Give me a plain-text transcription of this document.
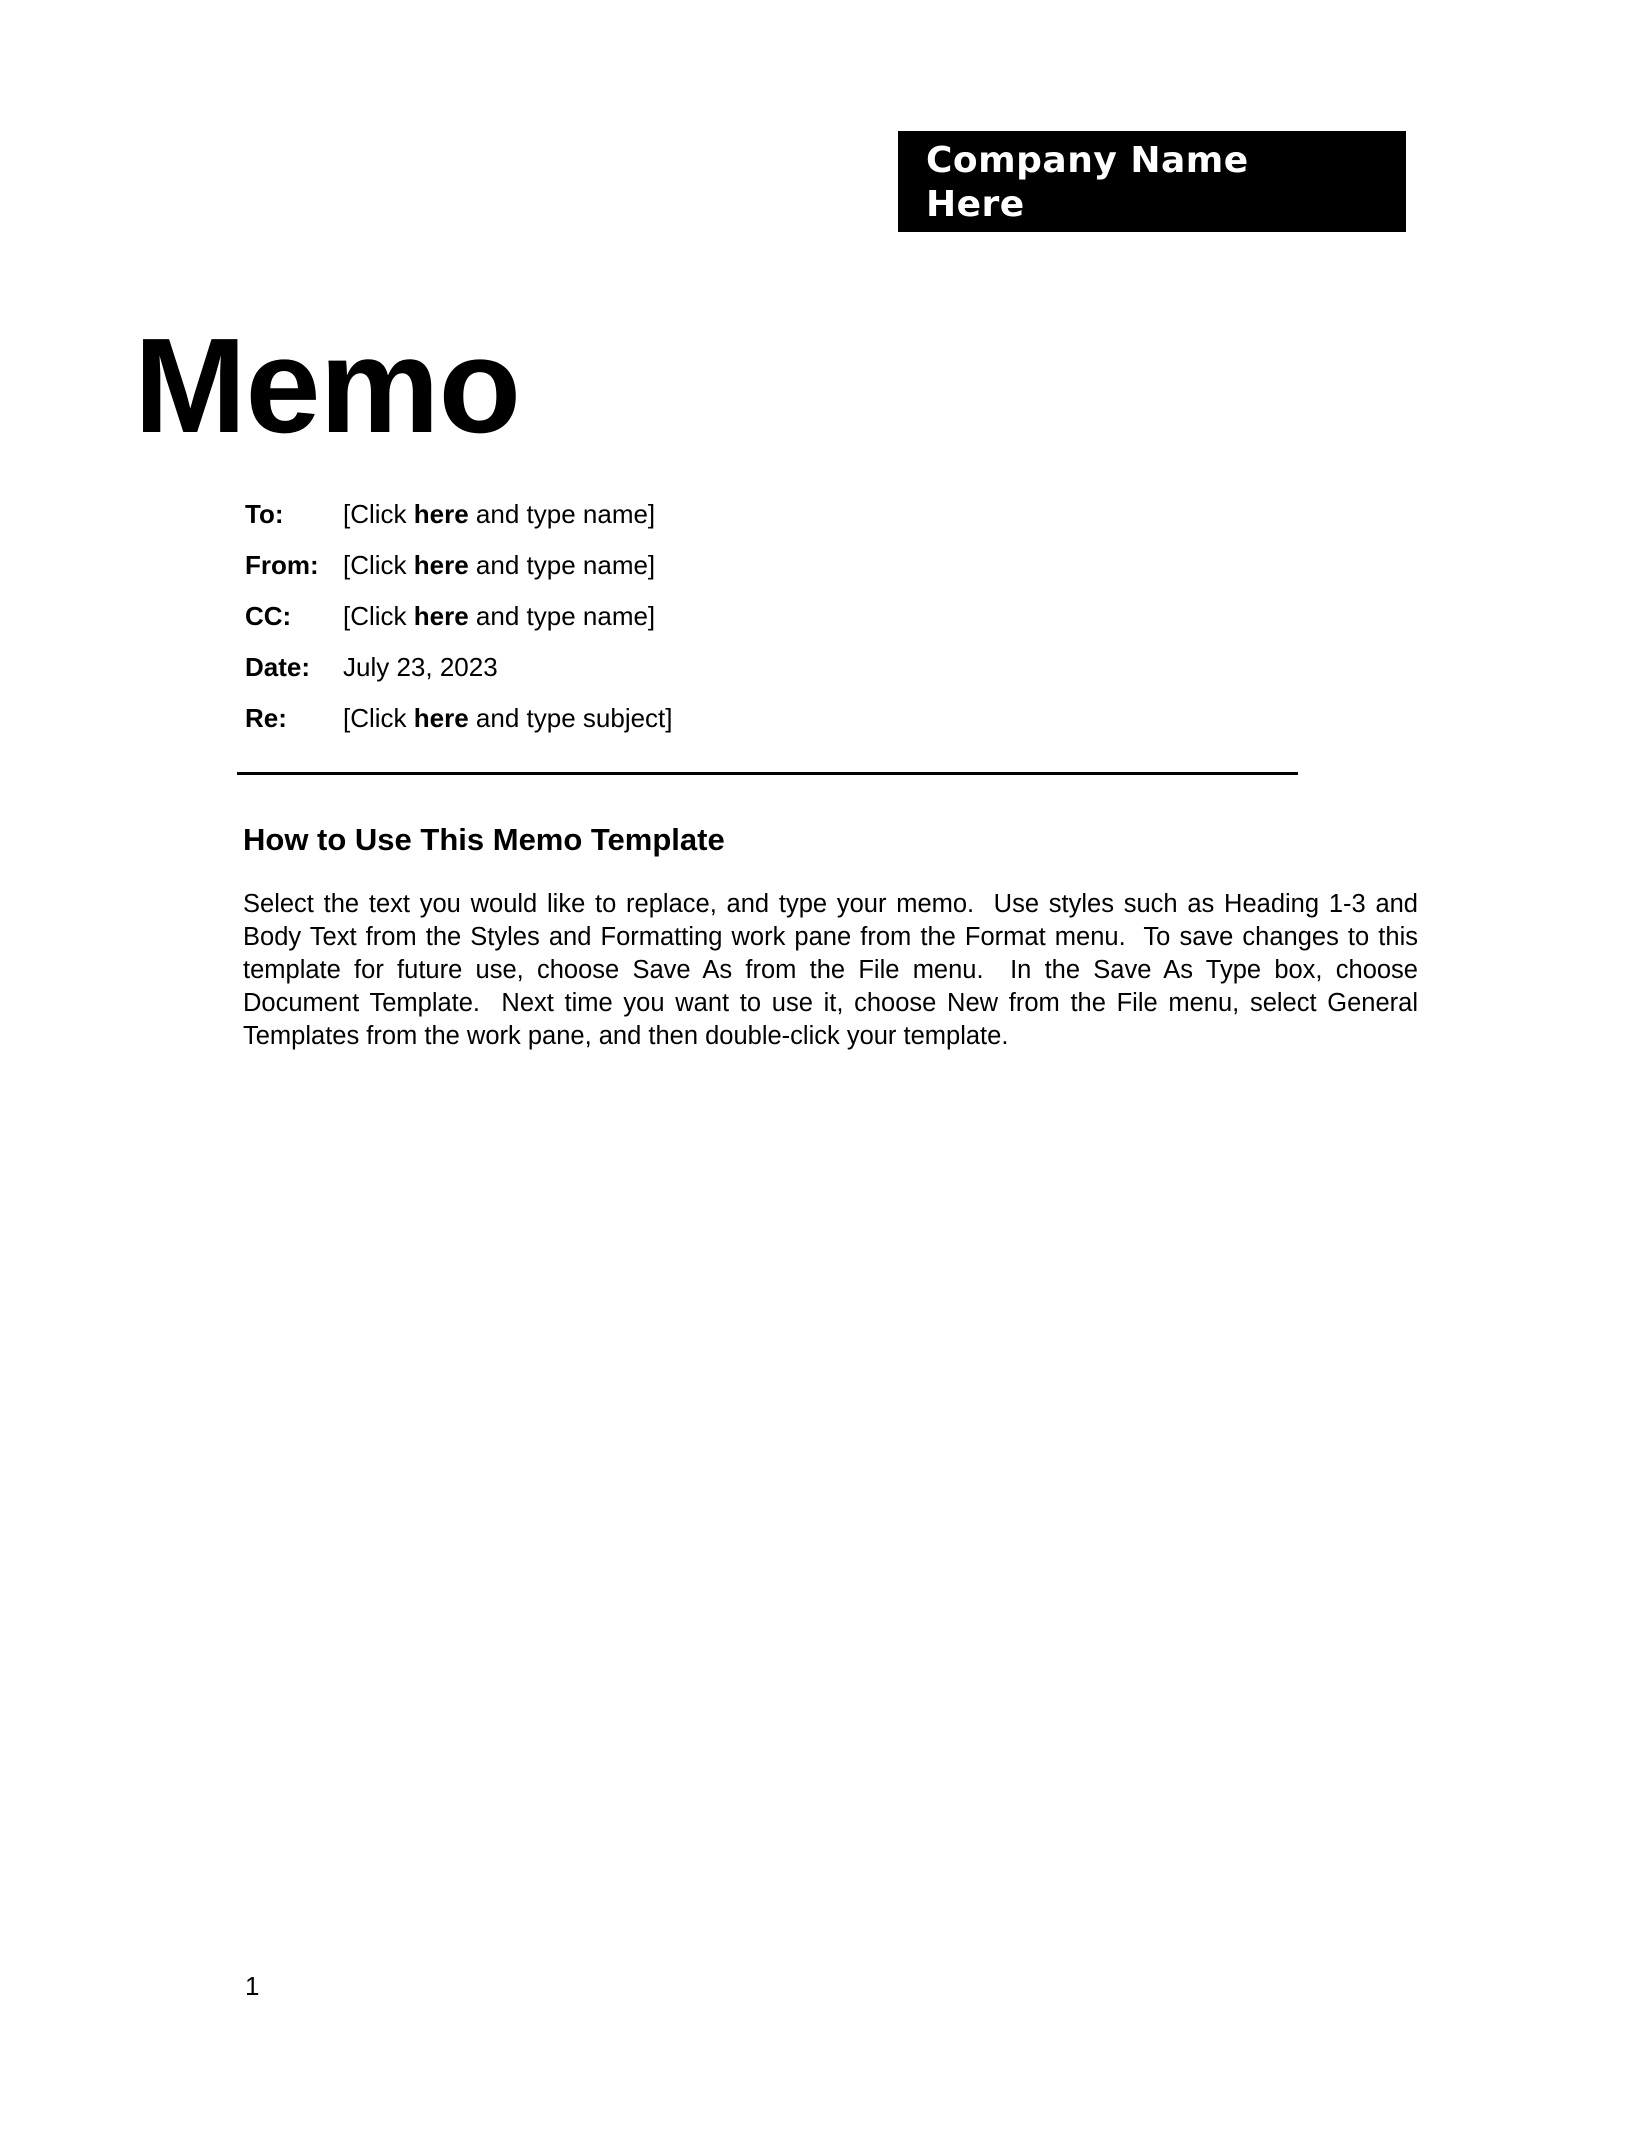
Company Name
Here
Memo
To:	[Click here and type name]
From: [Click here and type name]
CC:	[Click here and type name]
Date:	July 23, 2023
Re:	[Click here and type subject]
How to Use This Memo Template
Select the text you would like to replace, and type your memo.  Use styles such as Heading 1-3 and Body Text from the Styles and Formatting work pane from the Format menu.  To save changes to this template for future use, choose Save As from the File menu.  In the Save As Type box, choose Document Template.  Next time you want to use it, choose New from the File menu, select General Templates from the work pane, and then double-click your template.
1
